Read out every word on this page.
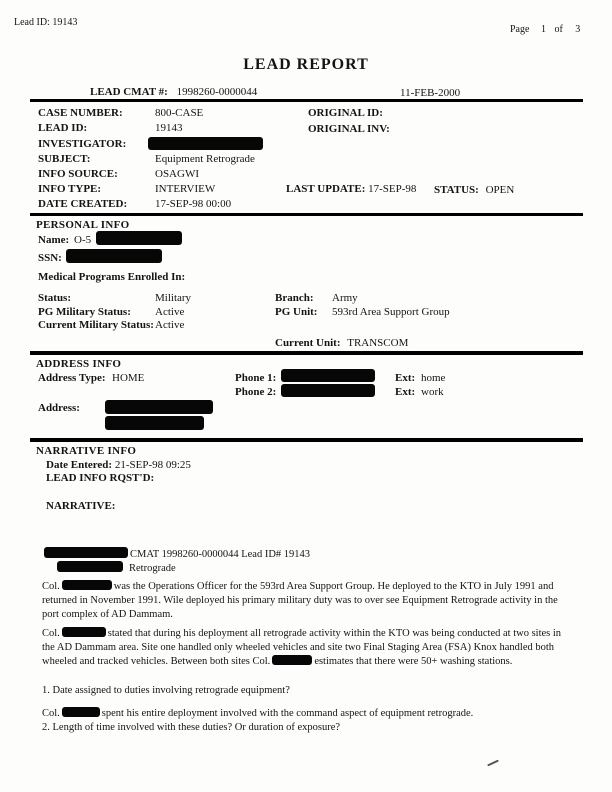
Lead ID: 19143
Page 1 of 3
LEAD REPORT
LEAD CMAT #: 1998260-0000044	11-FEB-2000
CASE NUMBER:	800-CASE	ORIGINAL ID:
LEAD ID:	19143	ORIGINAL INV:
INVESTIGATOR:
SUBJECT:	Equipment Retrograde
INFO SOURCE:	OSAGWI
INFO TYPE:	INTERVIEW	LAST UPDATE: 17-SEP-98 STATUS: OPEN
DATE CREATED:	17-SEP-98 00:00
PERSONAL INFO
Name: O-5
SSN:
Medical Programs Enrolled In:
Status:	Military	Branch: Army
PG Military Status: Active	PG Unit: 593rd Area Support Group
Current Military Status: Active
Current Unit: TRANSCOM
ADDRESS INFO
Address Type: HOME	Phone 1:	Ext: home
Phone 2:	Ext: work
Address:
NARRATIVE INFO
Date Entered: 21-SEP-98 09:25
LEAD INFO RQST'D:
NARRATIVE:
CMAT 1998260-0000044 Lead ID# 19143
Retrograde
Col.	was the Operations Officer for the 593rd Area Support Group. He deployed to the KTO in July 1991 and returned in November 1991. Wile deployed his primary military duty was to over see Equipment Retrograde activity in the port complex of AD Dammam.
Col.	stated that during his deployment all retrograde activity within the KTO was being conducted at two sites in the AD Dammam area. Site one handled only wheeled vehicles and site two Final Staging Area (FSA) Knox handled both wheeled and tracked vehicles. Between both sites Col.	estimates that there were 50+ washing stations.
1. Date assigned to duties involving retrograde equipment?
Col.	spent his entire deployment involved with the command aspect of equipment retrograde.
2. Length of time involved with these duties? Or duration of exposure?
